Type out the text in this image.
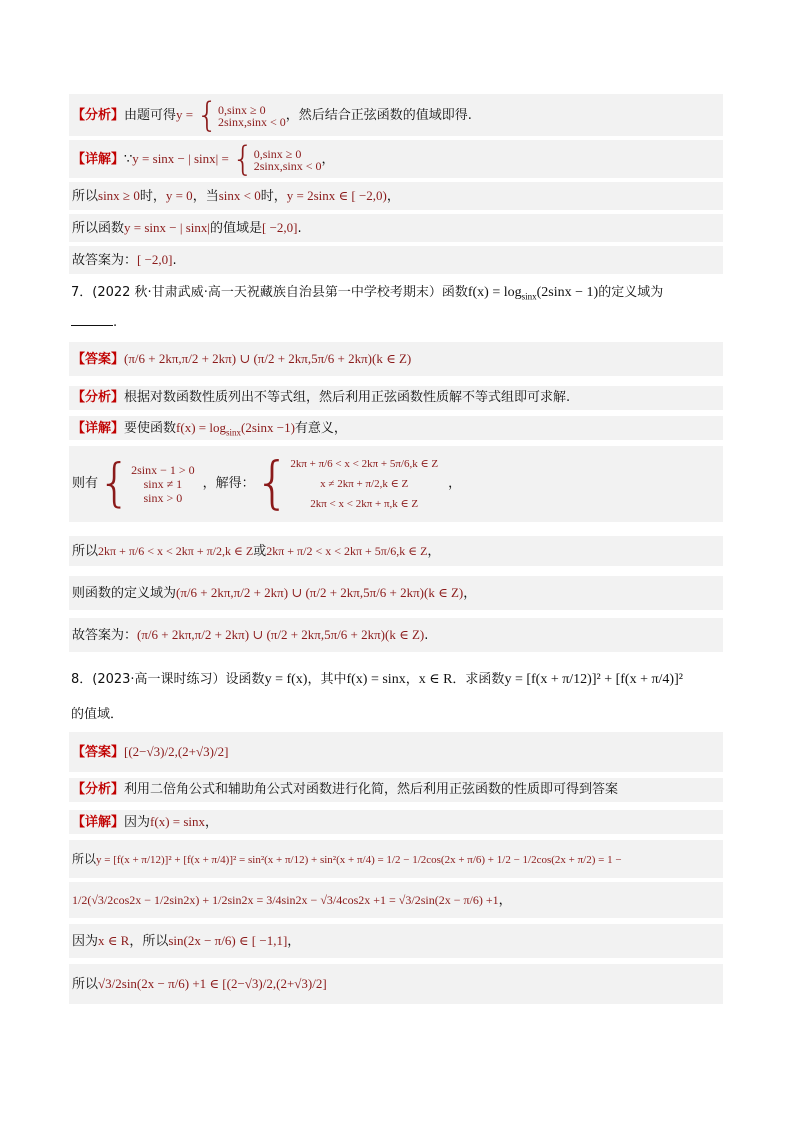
【分析】由题可得y = { 0,sinx ≥ 0
2sinx,sinx < 0 ，然后结合正弦函数的值域即得.
【详解】∵y = sinx − | sinx| = { 0,sinx ≥ 0
2sinx,sinx < 0 ，
所以sinx ≥ 0时，y = 0，当sinx < 0时，y = 2sinx ∈ [ −2,0)，
所以函数y = sinx − | sinx|的值域是[ −2,0].
故答案为：[ −2,0].
7．(2022 秋·甘肃武威·高一天祝藏族自治县第一中学校考期末）函数$f(x) = \log_{sinx}(2\sin x - 1)$的定义域为
.
【答案】(π/6 + 2kπ,π/2 + 2kπ) ∪ (π/2 + 2kπ,5π/6 + 2kπ)(k ∈ Z)
【分析】根据对数函数性质列出不等式组，然后利用正弦函数性质解不等式组即可求解.
【详解】要使函数$f(x) = \log_{sinx}(2\sin x -1)$有意义，
则有{ 2sinx − 1 > 0
sinx ≠ 1
sinx > 0
，解得：{ 2kπ + π/6 < x < 2kπ + 5π/6,k ∈ Z
x ≠ 2kπ + π/2,k ∈ Z
2kπ < x < 2kπ + π,k ∈ Z
，
所以2kπ + π/6 < x < 2kπ + π/2,k ∈ Z或2kπ + π/2 < x < 2kπ + 5π/6,k ∈ Z，
则函数的定义域为(π/6 + 2kπ,π/2 + 2kπ) ∪ (π/2 + 2kπ,5π/6 + 2kπ)(k ∈ Z)，
故答案为：(π/6 + 2kπ,π/2 + 2kπ) ∪ (π/2 + 2kπ,5π/6 + 2kπ)(k ∈ Z).
8．(2023·高一课时练习）设函数y = f(x)，其中f(x) = sinx，x ∈ R．求函数y = [f(x + π/12)]² + [f(x + π/4)]²
的值域．
【答案】[(2−√3)/2,(2+√3)/2]
【分析】利用二倍角公式和辅助角公式对函数进行化简，然后利用正弦函数的性质即可得到答案
【详解】因为f(x) = sinx，
所以y = [f(x + π/12)]² + [f(x + π/4)]² = sin²(x + π/12) + sin²(x + π/4) = 1/2 − 1/2cos(2x + π/6) + 1/2 − 1/2cos(2x + π/2) = 1 −
1/2(√3/2cos2x − 1/2sin2x) + 1/2sin2x = 3/4sin2x − √3/4cos2x +1 = √3/2sin(2x − π/6) +1，
因为x ∈ R，所以sin(2x − π/6) ∈ [ −1,1]，
所以√3/2sin(2x − π/6) +1 ∈ [(2−√3)/2,(2+√3)/2]
